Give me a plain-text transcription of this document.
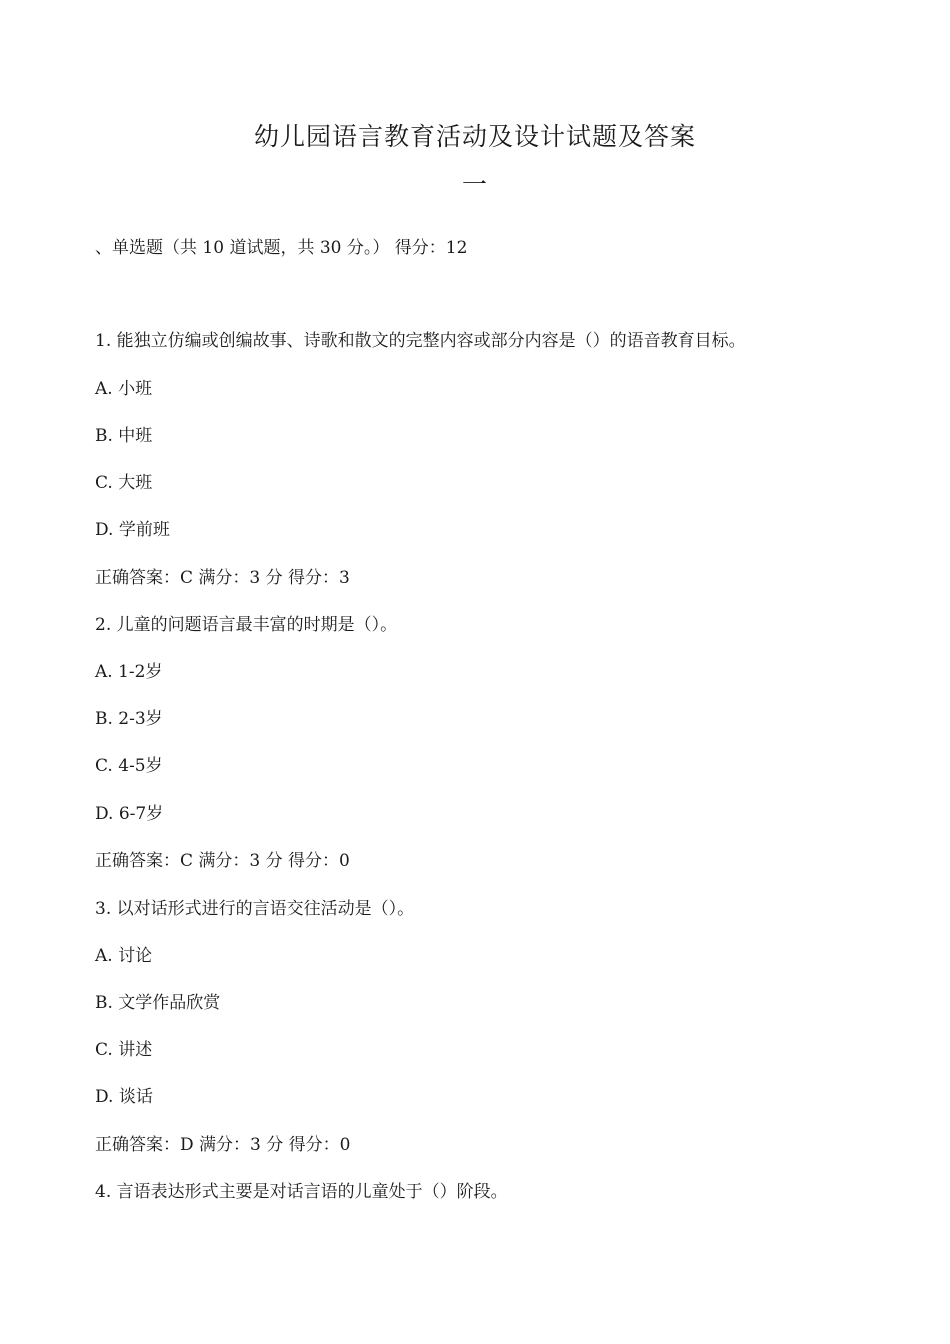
幼儿园语言教育活动及设计试题及答案
一
、单选题（共 10 道试题，共 30 分。） 得分：12
1. 能独立仿编或创编故事、诗歌和散文的完整内容或部分内容是（）的语音教育目标。
A. 小班
B. 中班
C. 大班
D. 学前班
正确答案：C 满分：3 分 得分：3
2. 儿童的问题语言最丰富的时期是（）。
A. 1-2岁
B. 2-3岁
C. 4-5岁
D. 6-7岁
正确答案：C 满分：3 分 得分：0
3. 以对话形式进行的言语交往活动是（）。
A. 讨论
B. 文学作品欣赏
C. 讲述
D. 谈话
正确答案：D 满分：3 分 得分：0
4. 言语表达形式主要是对话言语的儿童处于（）阶段。
